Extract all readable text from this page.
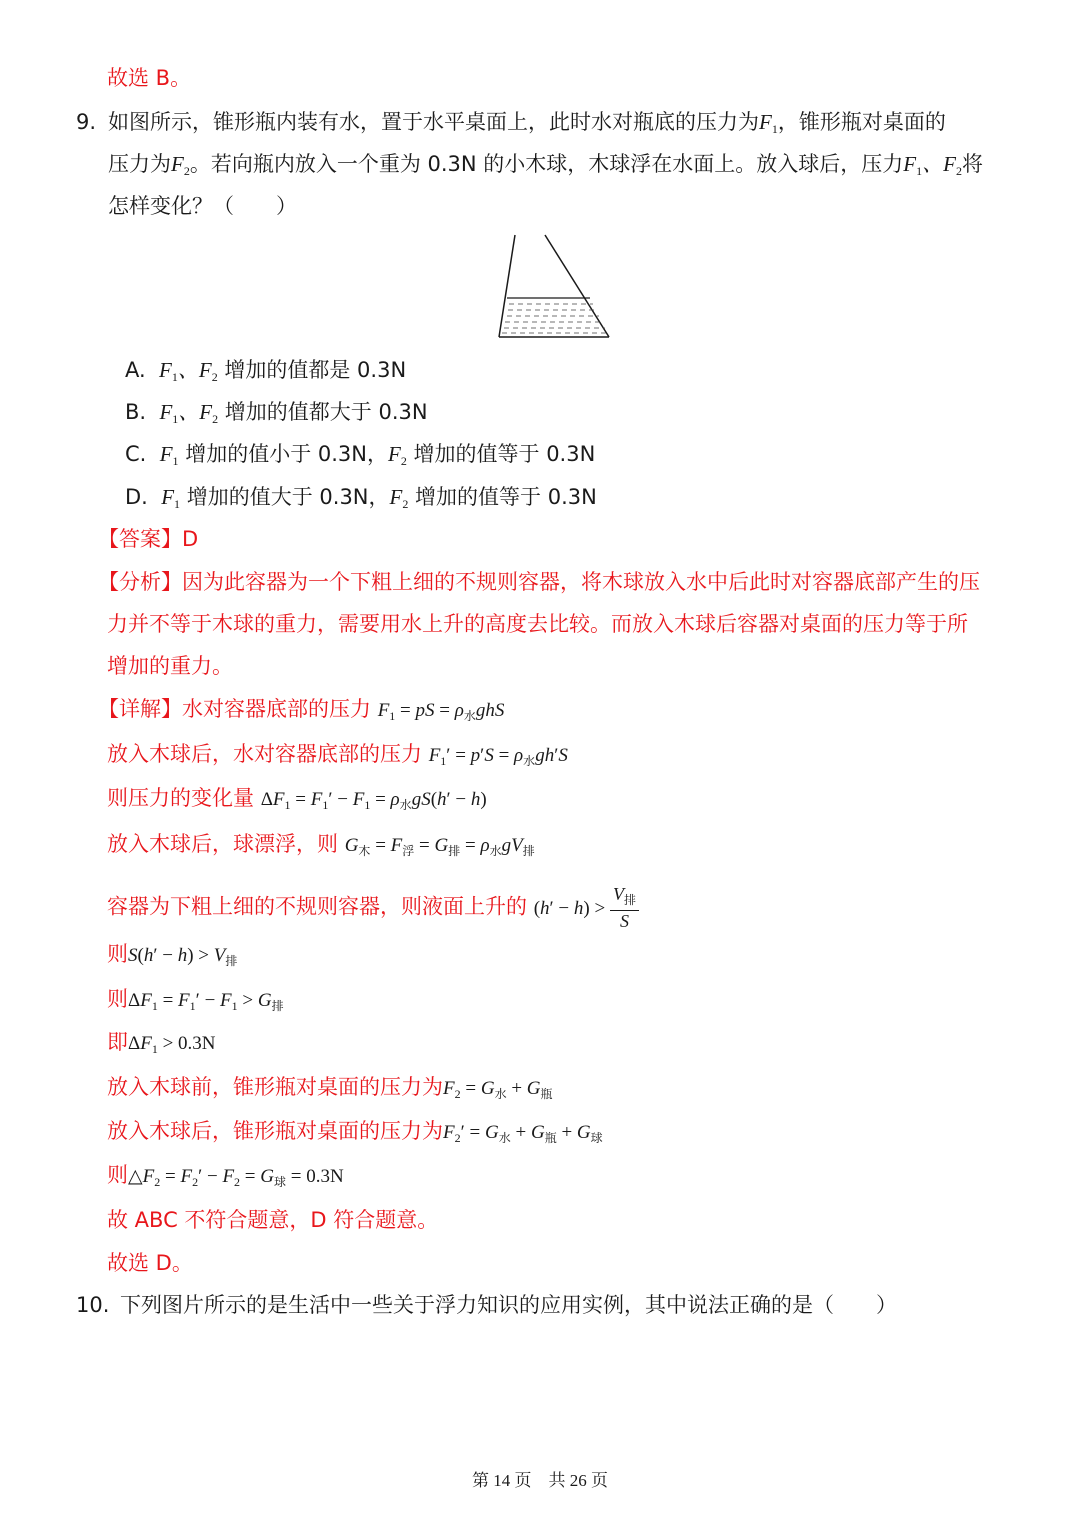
故选 B。
9. 如图所示，锥形瓶内装有水，置于水平桌面上，此时水对瓶底的压力为$F_1$，锥形瓶对桌面的
压力为$F_2$。若向瓶内放入一个重为 0.3N 的小木球，木球浮在水面上。放入球后，压力$F_1$、$F_2$将
怎样变化？（　　）
A. $F_1$、$F_2$ 增加的值都是 0.3N
B. $F_1$、$F_2$ 增加的值都大于 0.3N
C. $F_1$ 增加的值小于 0.3N，$F_2$ 增加的值等于 0.3N
D. $F_1$ 增加的值大于 0.3N，$F_2$ 增加的值等于 0.3N
【答案】D
【分析】因为此容器为一个下粗上细的不规则容器，将木球放入水中后此时对容器底部产生的压
力并不等于木球的重力，需要用水上升的高度去比较。而放入木球后容器对桌面的压力等于所
增加的重力。
【详解】水对容器底部的压力 $F_1$ = pS = $\rho_水ghS$
放入木球后，水对容器底部的压力 $F_1' = p'S = \rho_水gh'S$
则压力的变化量 $\Delta F_1 = F_1' - F_1 = \rho_水gS(h' - h)$
放入木球后，球漂浮，则 $G_木 = F_浮 = G_排 = \rho_水gV_排$
容器为下粗上细的不规则容器，则液面上升的 $(h' - h) > \frac{V_排}{S}$
则$S(h' - h) > V_排$
则$\Delta F_1 = F_1' - F_1 > G_排$
即$\Delta F_1 > 0.3N$
放入木球前，锥形瓶对桌面的压力为$F_2 = G_水 + G_瓶$
放入木球后，锥形瓶对桌面的压力为$F_2' = G_水 + G_瓶 + G_球$
则$\triangle F_2 = F_2' - F_2 = G_球 = 0.3N$
故 ABC 不符合题意，D 符合题意。
故选 D。
10. 下列图片所示的是生活中一些关于浮力知识的应用实例，其中说法正确的是（　　）
第 14 页　共 26 页
